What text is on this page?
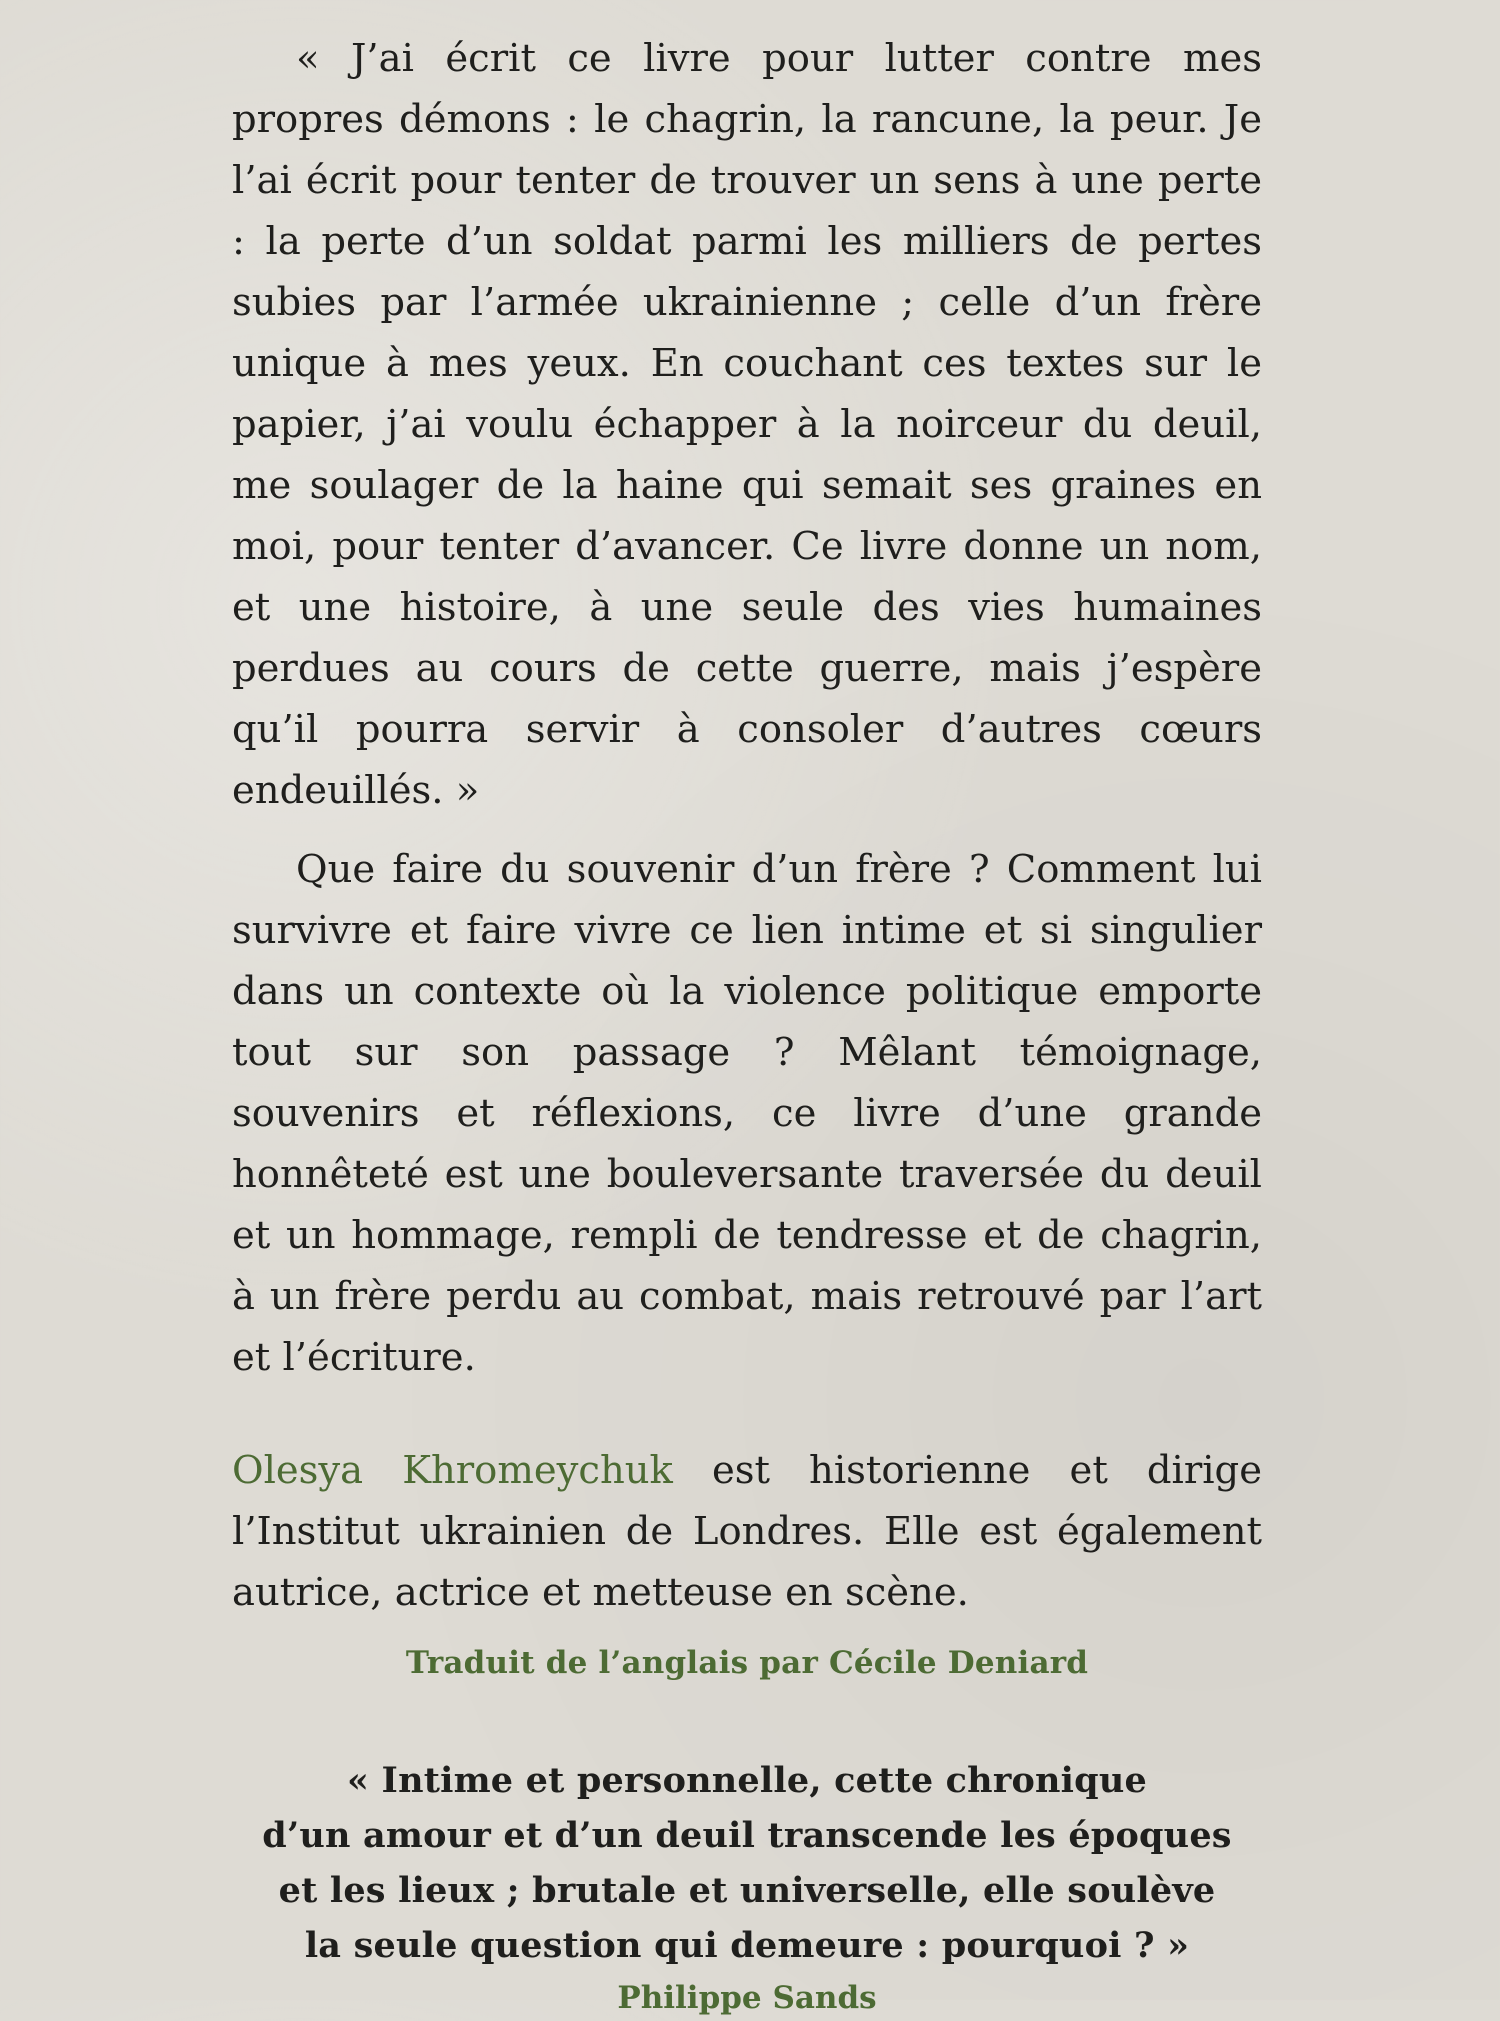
« J’ai écrit ce livre pour lutter contre mes propres démons : le chagrin, la rancune, la peur. Je l’ai écrit pour tenter de trouver un sens à une perte : la perte d’un soldat parmi les milliers de pertes subies par l’armée ukrainienne ; celle d’un frère unique à mes yeux. En couchant ces textes sur le papier, j’ai voulu échapper à la noirceur du deuil, me soulager de la haine qui semait ses graines en moi, pour tenter d’avancer. Ce livre donne un nom, et une histoire, à une seule des vies humaines perdues au cours de cette guerre, mais j’espère qu’il pourra servir à consoler d’autres cœurs endeuillés. »

Que faire du souvenir d’un frère ? Comment lui survivre et faire vivre ce lien intime et si singulier dans un contexte où la violence politique emporte tout sur son passage ? Mêlant témoignage, souvenirs et réflexions, ce livre d’une grande honnêteté est une bouleversante traversée du deuil et un hommage, rempli de tendresse et de chagrin, à un frère perdu au combat, mais retrouvé par l’art et l’écriture.

Olesya Khromeychuk est historienne et dirige l’Institut ukrainien de Londres. Elle est également autrice, actrice et metteuse en scène.

Traduit de l’anglais par Cécile Deniard

« Intime et personnelle, cette chronique
d’un amour et d’un deuil transcende les époques
et les lieux ; brutale et universelle, elle soulève
la seule question qui demeure : pourquoi ? »

Philippe Sands
